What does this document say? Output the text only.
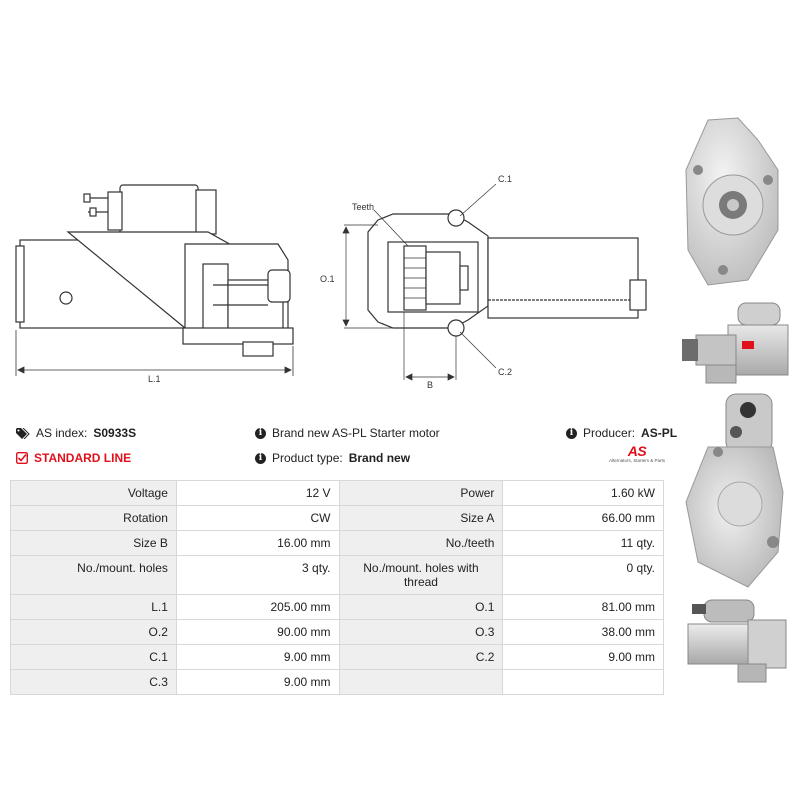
L.1
Teeth
C.1
O.1
B
C.2
AS index: S0933S
STANDARD LINE
i Brand new AS-PL Starter motor
i Product type: Brand new
i Producer: AS-PL
AS
Alternators, Starters & Parts
Voltage	12 V	Power	1.60 kW
Rotation	CW	Size A	66.00 mm
Size B	16.00 mm	No./teeth	11 qty.
No./mount. holes	3 qty.	No./mount. holes with thread	0 qty.
L.1	205.00 mm	O.1	81.00 mm
O.2	90.00 mm	O.3	38.00 mm
C.1	9.00 mm	C.2	9.00 mm
C.3	9.00 mm		
